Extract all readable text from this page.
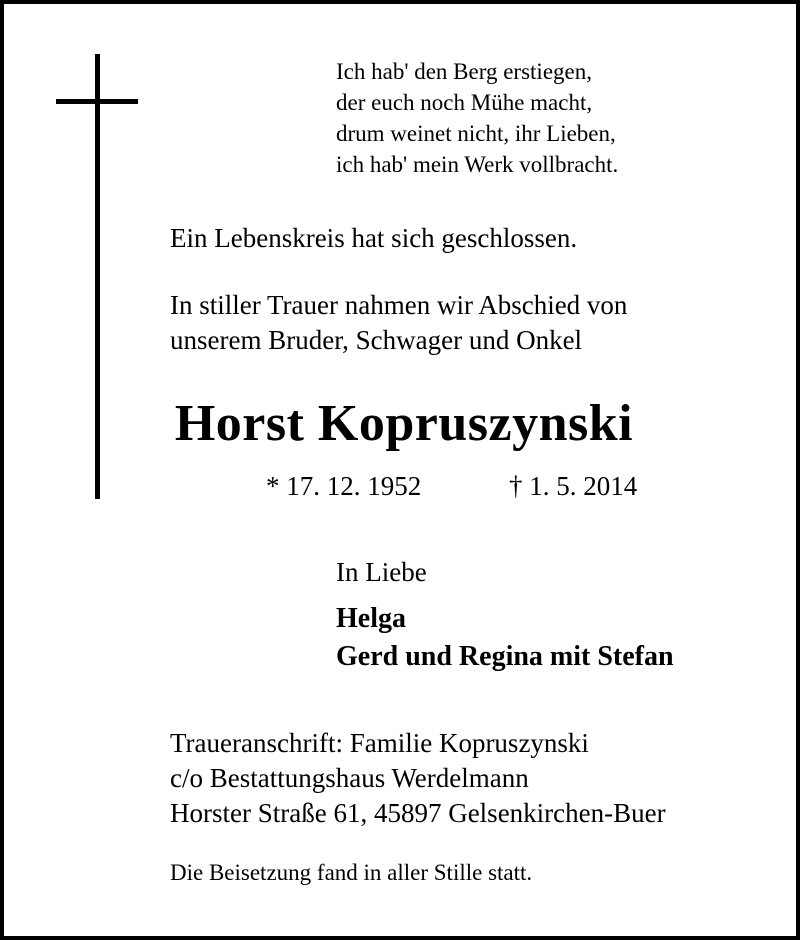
Ich hab' den Berg erstiegen,
der euch noch Mühe macht,
drum weinet nicht, ihr Lieben,
ich hab' mein Werk vollbracht.
Ein Lebenskreis hat sich geschlossen.
In stiller Trauer nahmen wir Abschied von
unserem Bruder, Schwager und Onkel
Horst Kopruszynski
* 17. 12. 1952	† 1. 5. 2014
In Liebe
Helga
Gerd und Regina mit Stefan
Traueranschrift: Familie Kopruszynski
c/o Bestattungshaus Werdelmann
Horster Straße 61, 45897 Gelsenkirchen-Buer
Die Beisetzung fand in aller Stille statt.
